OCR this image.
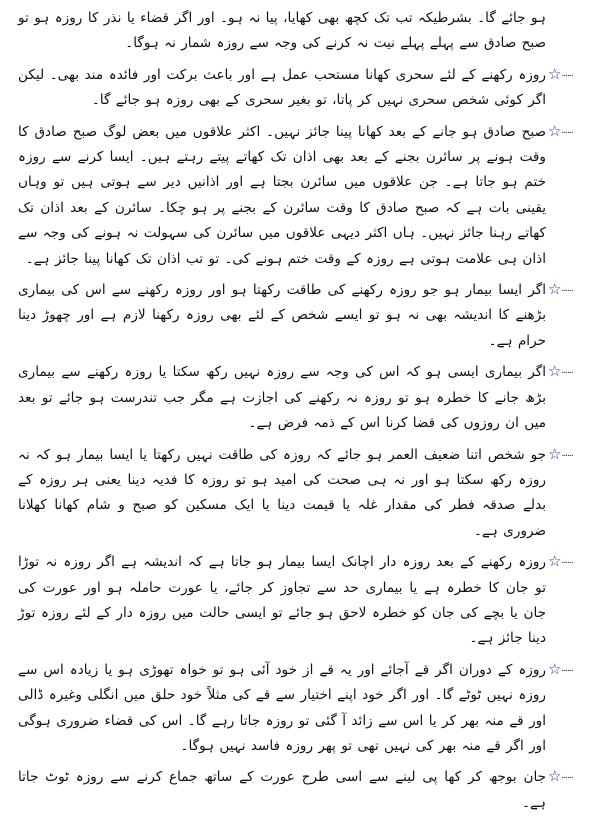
ہو جائے گا۔ بشرطیکہ تب تک کچھ بھی کھایا، پیا نہ ہو۔ اور اگر قضاء یا نذر کا روزہ ہو تو صبح صادق سے پہلے پہلے نیت نہ کرنے کی وجہ سے روزہ شمار نہ ہوگا۔
☆ ......
روزہ رکھنے کے لئے سحری کھانا مستحب عمل ہے اور باعث برکت اور فائدہ مند بھی۔ لیکن اگر کوئی شخص سحری نہیں کر پاتا، تو بغیر سحری کے بھی روزہ ہو جائے گا۔
☆ ......
صبح صادق ہو جانے کے بعد کھانا پینا جائز نہیں۔ اکثر علاقوں میں بعض لوگ صبح صادق کا وقت ہونے پر سائرن بجنے کے بعد بھی اذان تک کھاتے پیتے رہتے ہیں۔ ایسا کرنے سے روزہ ختم ہو جاتا ہے۔ جن علاقوں میں سائرن بجتا ہے اور اذانیں دیر سے ہوتی ہیں تو وہاں یقینی بات ہے کہ صبح صادق کا وقت سائرن کے بجنے پر ہو چکا۔ سائرن کے بعد اذان تک کھاتے رہنا جائز نہیں۔ ہاں اکثر دیہی علاقوں میں سائرن کی سہولت نہ ہونے کی وجہ سے اذان ہی علامت ہوتی ہے روزہ کے وقت ختم ہونے کی۔ تو تب اذان تک کھانا پینا جائز ہے۔
☆ ......
اگر ایسا بیمار ہو جو روزہ رکھنے کی طاقت رکھتا ہو اور روزہ رکھنے سے اس کی بیماری بڑھنے کا اندیشہ بھی نہ ہو تو ایسے شخص کے لئے بھی روزہ رکھنا لازم ہے اور چھوڑ دینا حرام ہے۔
☆ ......
اگر بیماری ایسی ہو کہ اس کی وجہ سے روزہ نہیں رکھ سکتا یا روزہ رکھنے سے بیماری بڑھ جانے کا خطرہ ہو تو روزہ نہ رکھنے کی اجازت ہے مگر جب تندرست ہو جائے تو بعد میں ان روزوں کی قضا کرنا اس کے ذمہ فرض ہے۔
☆ ......
جو شخص اتنا ضعیف العمر ہو جائے کہ روزہ کی طاقت نہیں رکھتا یا ایسا بیمار ہو کہ نہ روزہ رکھ سکتا ہو اور نہ ہی صحت کی امید ہو تو روزہ کا فدیہ دینا یعنی ہر روزہ کے بدلے صدقہ فطر کی مقدار غلہ یا قیمت دینا یا ایک مسکین کو صبح و شام کھانا کھلانا ضروری ہے۔
☆ ......
روزہ رکھنے کے بعد روزہ دار اچانک ایسا بیمار ہو جاتا ہے کہ اندیشہ ہے اگر روزہ نہ توڑا تو جان کا خطرہ ہے یا بیماری حد سے تجاوز کر جائے، یا عورت حاملہ ہو اور عورت کی جان یا بچے کی جان کو خطرہ لاحق ہو جائے تو ایسی حالت میں روزہ دار کے لئے روزہ توڑ دینا جائز ہے۔
☆ ......
روزہ کے دوران اگر قے آجائے اور یہ قے از خود آئی ہو تو خواہ تھوڑی ہو یا زیادہ اس سے روزہ نہیں ٹوٹے گا۔ اور اگر خود اپنے اختیار سے قے کی مثلاً خود حلق میں انگلی وغیرہ ڈالی اور قے منہ بھر کر یا اس سے زائد آ گئی تو روزہ جاتا رہے گا۔ اس کی قضاء ضروری ہوگی اور اگر قے منہ بھر کی نہیں تھی تو پھر روزہ فاسد نہیں ہوگا۔
☆ ......
جان بوجھ کر کھا پی لینے سے اسی طرح عورت کے ساتھ جماع کرنے سے روزہ ٹوٹ جاتا ہے۔
